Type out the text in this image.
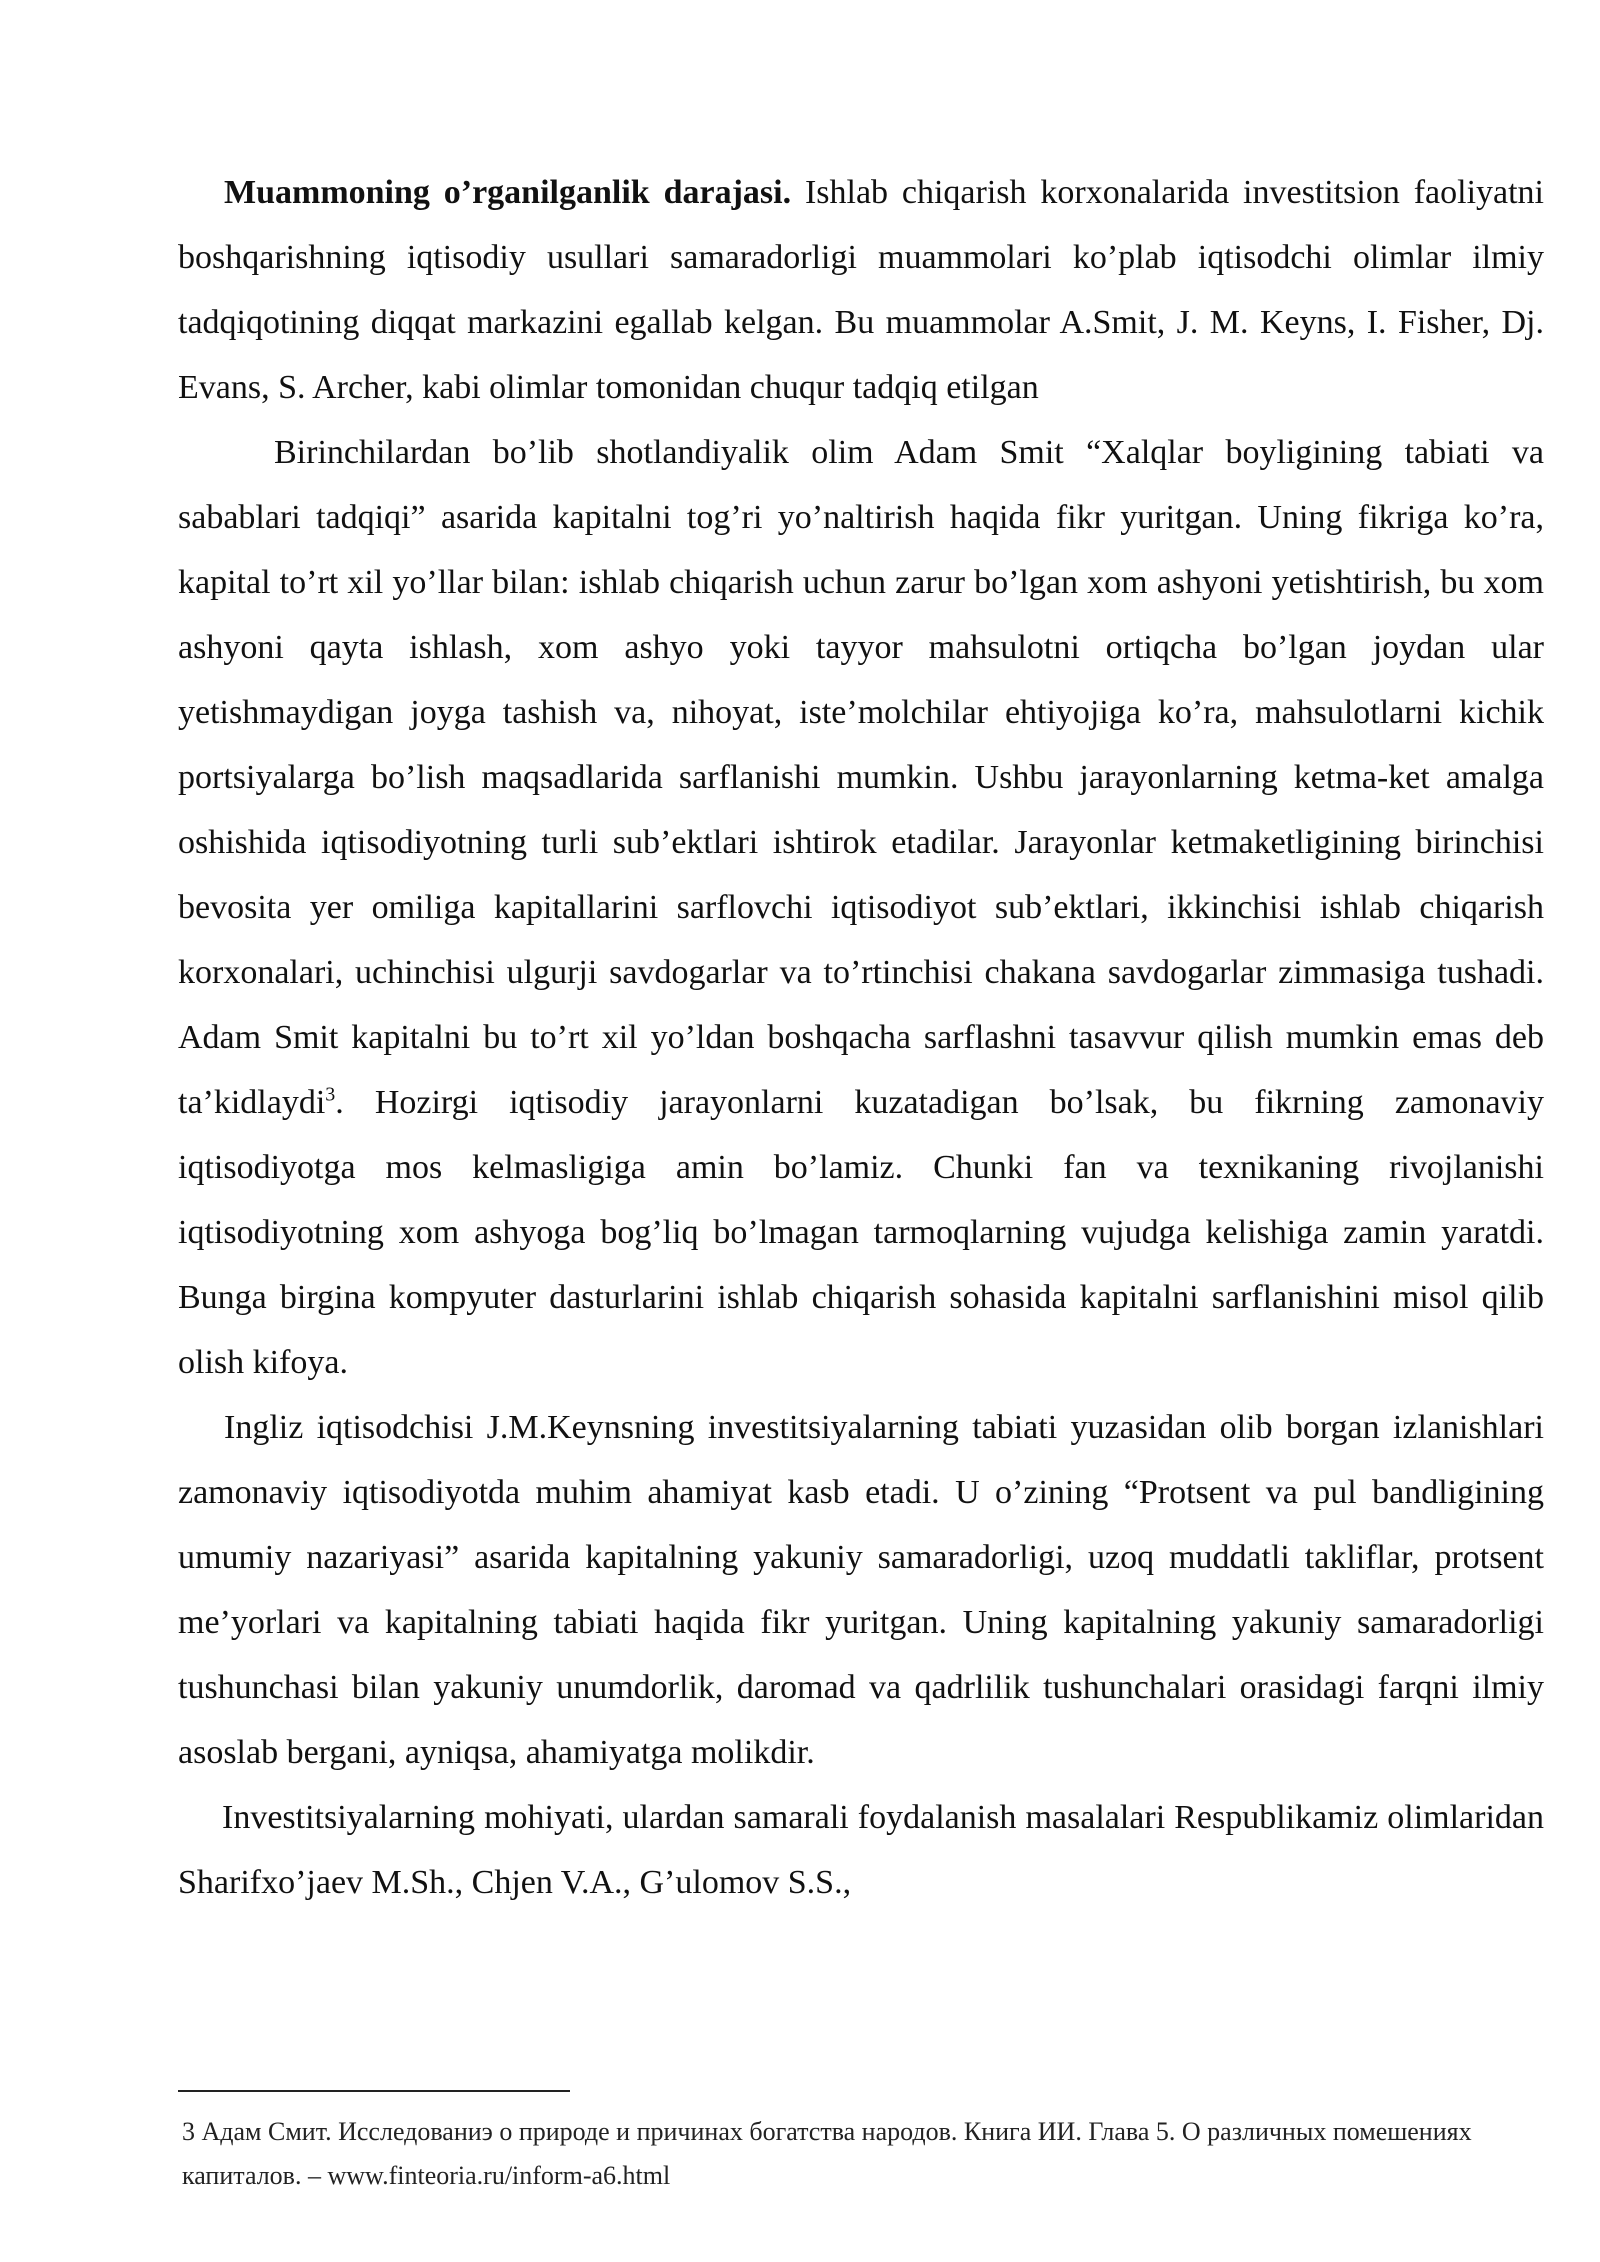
Muammoning o’rganilganlik darajasi. Ishlab chiqarish korxonalarida investitsion faoliyatni boshqarishning iqtisodiy usullari samaradorligi muammolari ko’plab iqtisodchi olimlar ilmiy tadqiqotining diqqat markazini egallab kelgan. Bu muammolar A.Smit, J. M. Keyns, I. Fisher, Dj. Evans, S. Archer, kabi olimlar tomonidan chuqur tadqiq etilgan

Birinchilardan bo’lib shotlandiyalik olim Adam Smit “Xalqlar boyligining tabiati va sabablari tadqiqi” asarida kapitalni tog’ri yo’naltirish haqida fikr yuritgan. Uning fikriga ko’ra, kapital to’rt xil yo’llar bilan: ishlab chiqarish uchun zarur bo’lgan xom ashyoni yetishtirish, bu xom ashyoni qayta ishlash, xom ashyo yoki tayyor mahsulotni ortiqcha bo’lgan joydan ular yetishmaydigan joyga tashish va, nihoyat, iste’molchilar ehtiyojiga ko’ra, mahsulotlarni kichik portsiyalarga bo’lish maqsadlarida sarflanishi mumkin. Ushbu jarayonlarning ketma-ket amalga oshishida iqtisodiyotning turli sub’ektlari ishtirok etadilar. Jarayonlar ketmaketligining birinchisi bevosita yer omiliga kapitallarini sarflovchi iqtisodiyot sub’ektlari, ikkinchisi ishlab chiqarish korxonalari, uchinchisi ulgurji savdogarlar va to’rtinchisi chakana savdogarlar zimmasiga tushadi. Adam Smit kapitalni bu to’rt xil yo’ldan boshqacha sarflashni tasavvur qilish mumkin emas deb ta’kidlaydi$^3$. Hozirgi iqtisodiy jarayonlarni kuzatadigan bo’lsak, bu fikrning zamonaviy iqtisodiyotga mos kelmasligiga amin bo’lamiz. Chunki fan va texnikaning rivojlanishi iqtisodiyotning xom ashyoga bog’liq bo’lmagan tarmoqlarning vujudga kelishiga zamin yaratdi. Bunga birgina kompyuter dasturlarini ishlab chiqarish sohasida kapitalni sarflanishini misol qilib olish kifoya.

Ingliz iqtisodchisi J.M.Keynsning investitsiyalarning tabiati yuzasidan olib borgan izlanishlari zamonaviy iqtisodiyotda muhim ahamiyat kasb etadi. U o’zining “Protsent va pul bandligining umumiy nazariyasi” asarida kapitalning yakuniy samaradorligi, uzoq muddatli takliflar, protsent me’yorlari va kapitalning tabiati haqida fikr yuritgan. Uning kapitalning yakuniy samaradorligi tushunchasi bilan yakuniy unumdorlik, daromad va qadrlilik tushunchalari orasidagi farqni ilmiy asoslab bergani, ayniqsa, ahamiyatga molikdir.

Investitsiyalarning mohiyati, ulardan samarali foydalanish masalalari Respublikamiz olimlaridan Sharifxo’jaev M.Sh., Chjen V.A., G’ulomov S.S.,

3 Адам Смит. Исследованиэ о природе и причинах богатства народов. Книга ИИ. Глава 5. О различных помешениях капиталов. – www.finteoria.ru/inform-a6.html
